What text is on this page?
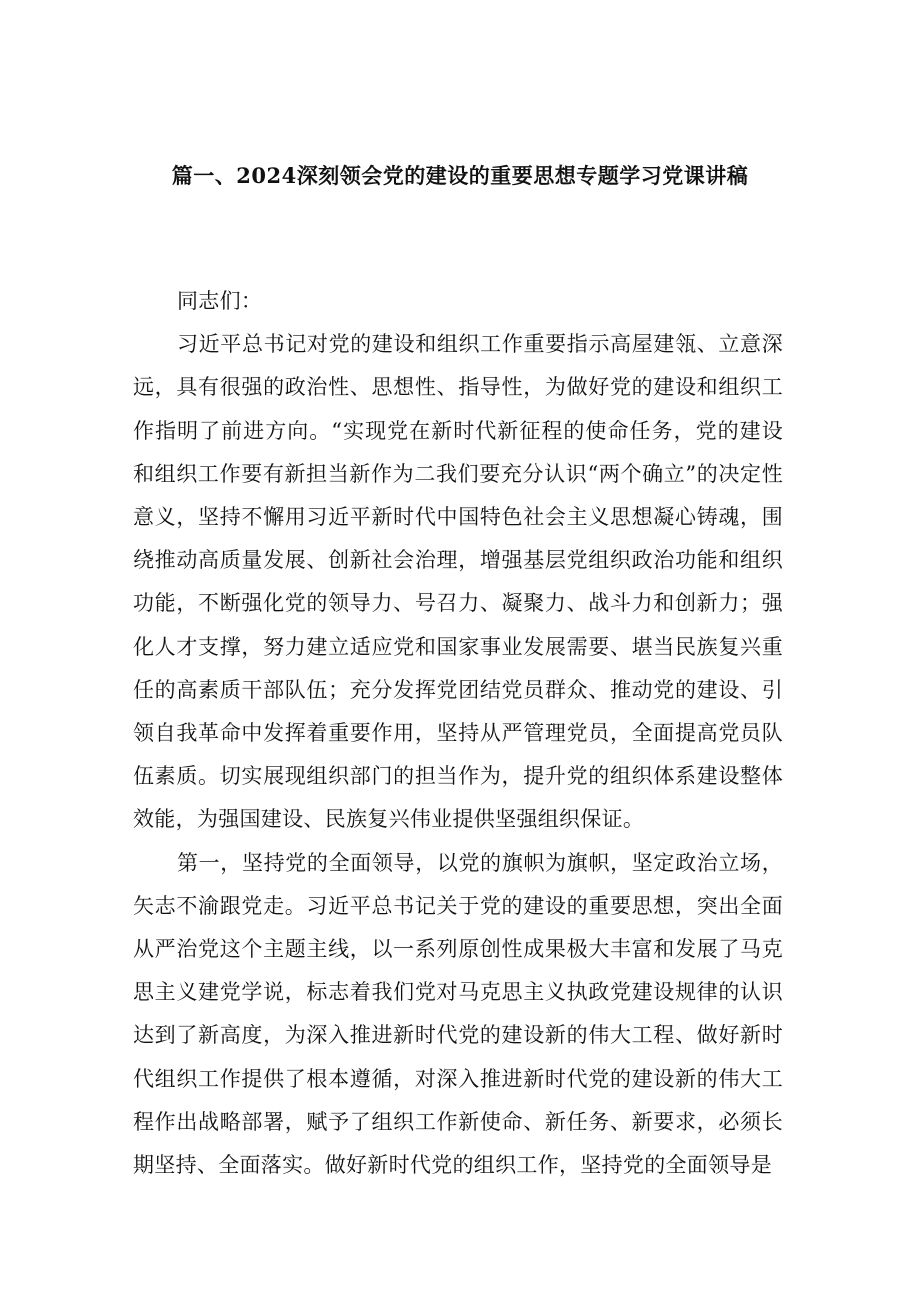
篇一、2024深刻领会党的建设的重要思想专题学习党课讲稿

同志们：

习近平总书记对党的建设和组织工作重要指示高屋建瓴、立意深远，具有很强的政治性、思想性、指导性，为做好党的建设和组织工作指明了前进方向。“实现党在新时代新征程的使命任务，党的建设和组织工作要有新担当新作为二我们要充分认识“两个确立”的决定性意义，坚持不懈用习近平新时代中国特色社会主义思想凝心铸魂，围绕推动高质量发展、创新社会治理，增强基层党组织政治功能和组织功能，不断强化党的领导力、号召力、凝聚力、战斗力和创新力；强化人才支撑，努力建立适应党和国家事业发展需要、堪当民族复兴重任的高素质干部队伍；充分发挥党团结党员群众、推动党的建设、引领自我革命中发挥着重要作用，坚持从严管理党员，全面提高党员队伍素质。切实展现组织部门的担当作为，提升党的组织体系建设整体效能，为强国建设、民族复兴伟业提供坚强组织保证。

第一，坚持党的全面领导，以党的旗帜为旗帜，坚定政治立场，矢志不渝跟党走。习近平总书记关于党的建设的重要思想，突出全面从严治党这个主题主线，以一系列原创性成果极大丰富和发展了马克思主义建党学说，标志着我们党对马克思主义执政党建设规律的认识达到了新高度，为深入推进新时代党的建设新的伟大工程、做好新时代组织工作提供了根本遵循，对深入推进新时代党的建设新的伟大工程作出战略部署，赋予了组织工作新使命、新任务、新要求，必须长期坚持、全面落实。做好新时代党的组织工作，坚持党的全面领导是
